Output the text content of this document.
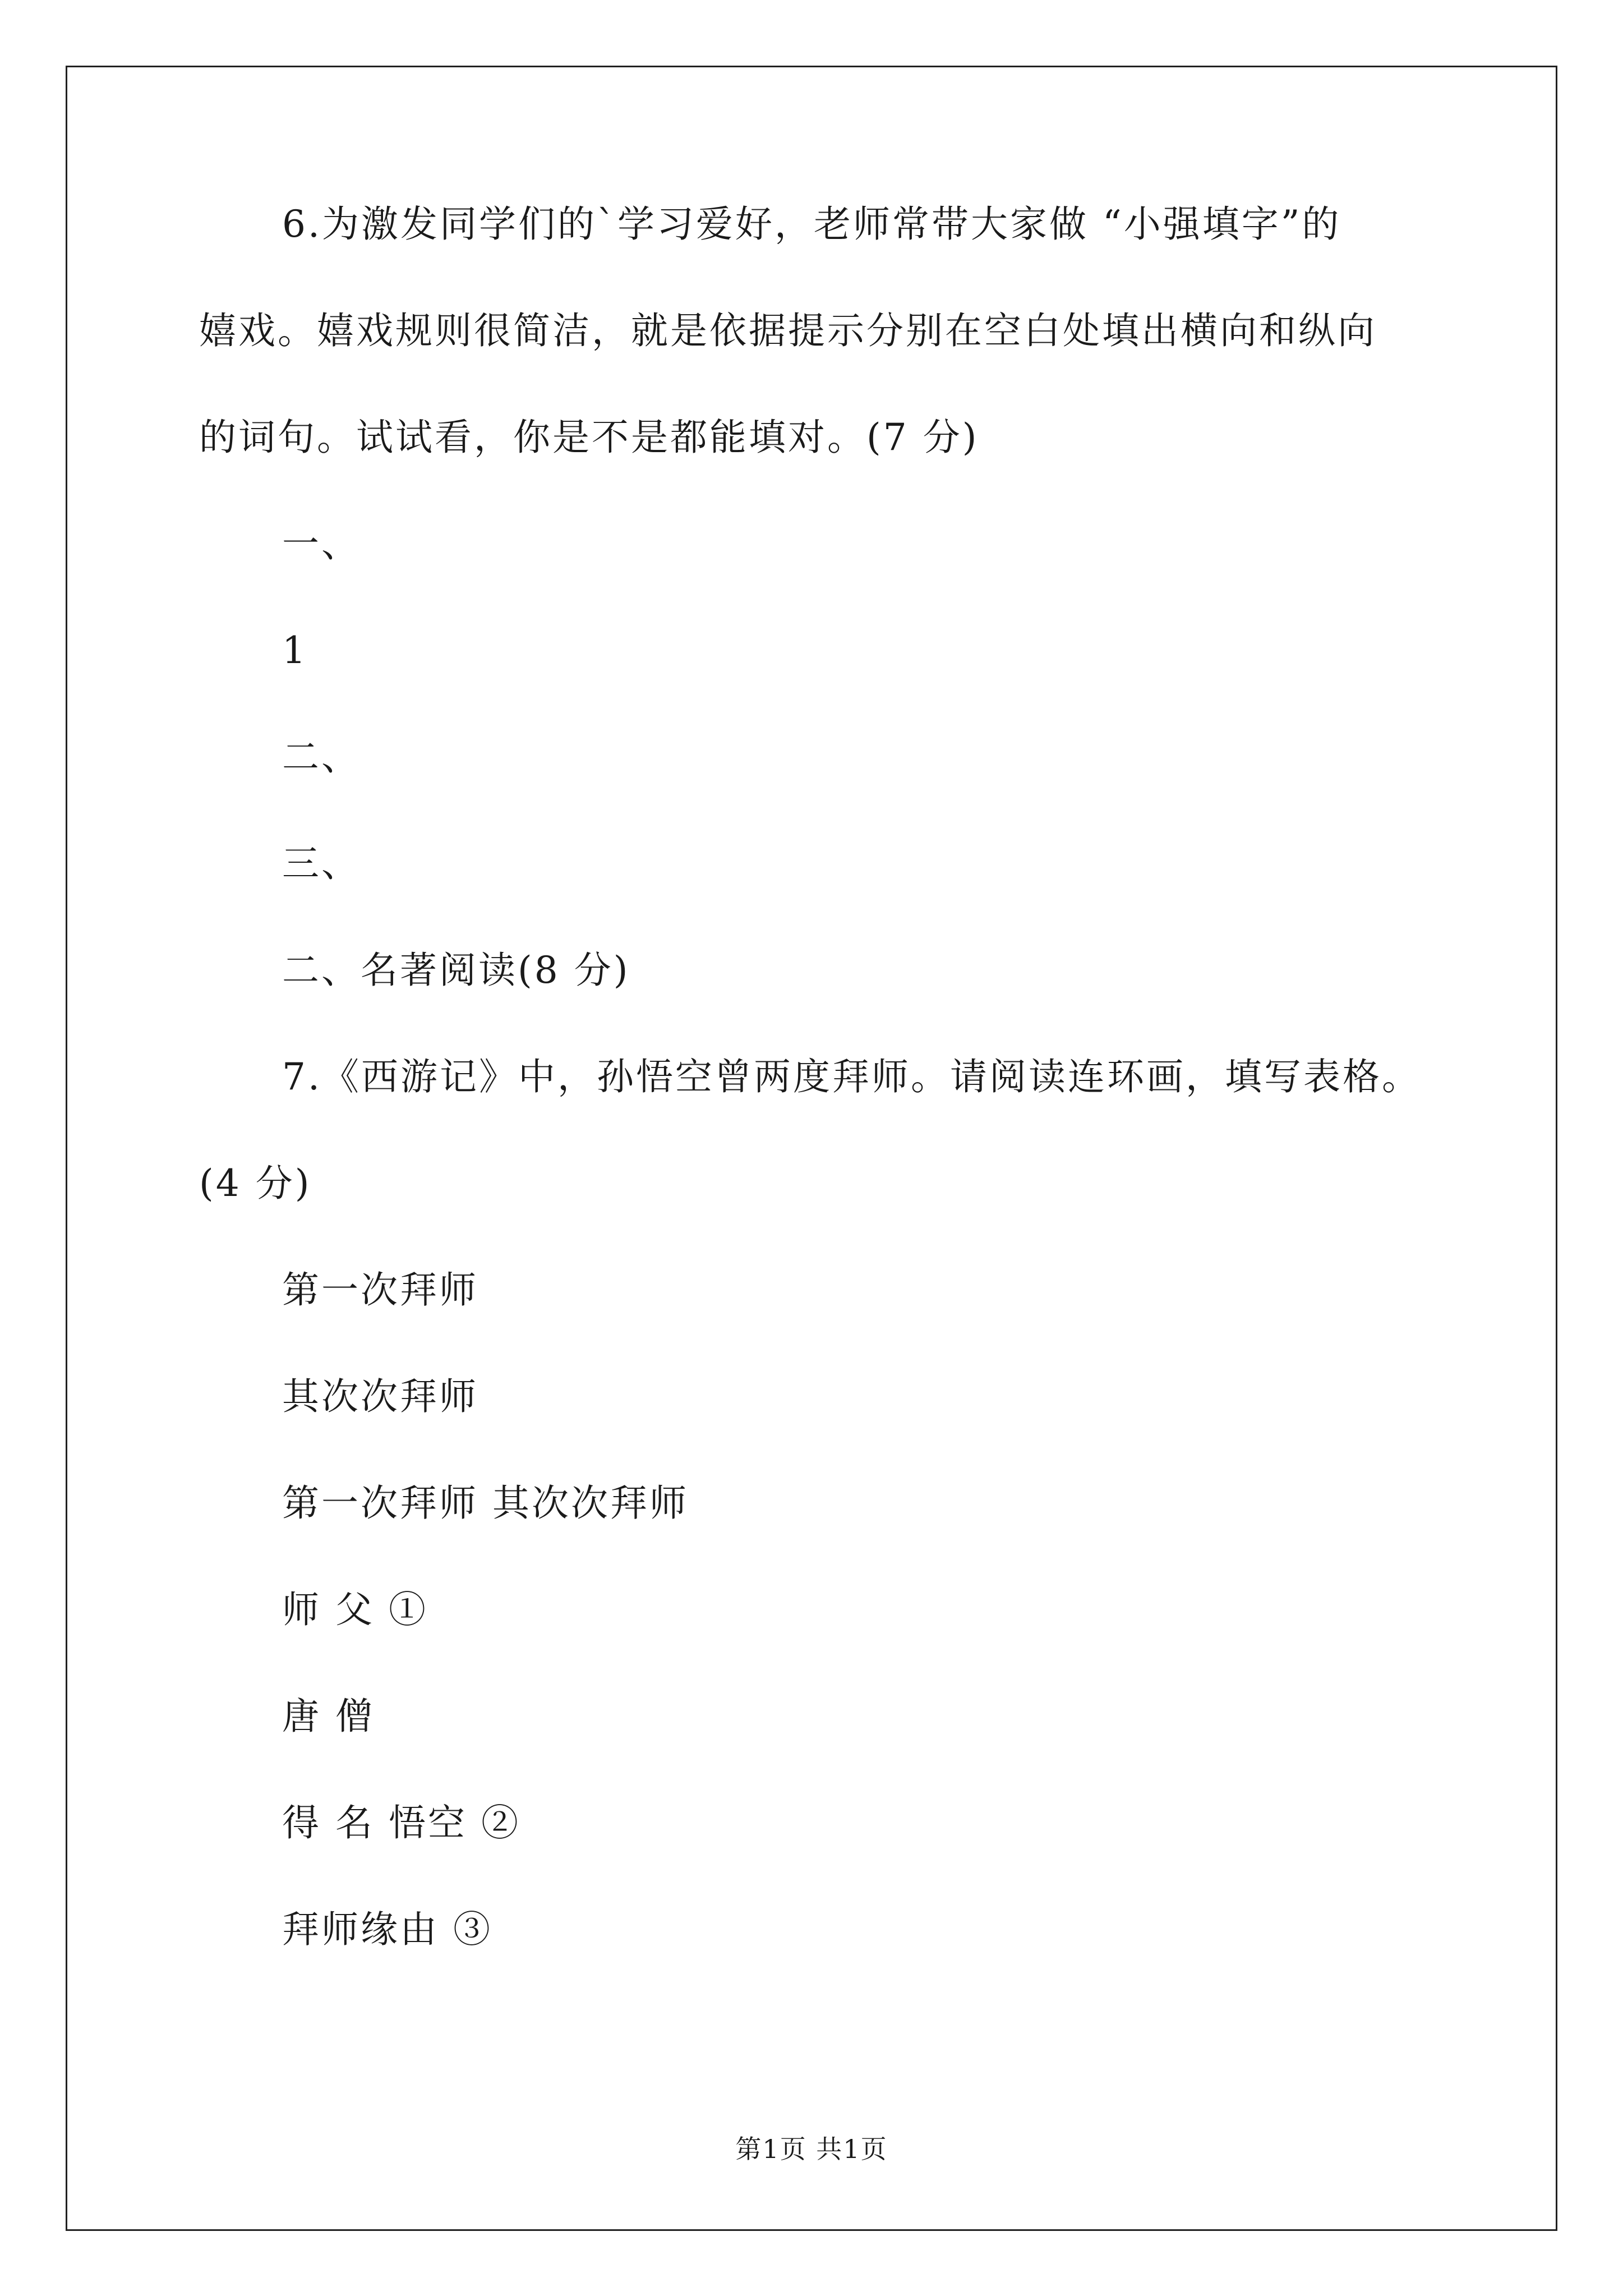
6.为激发同学们的`学习爱好，老师常带大家做 “小强填字”的
嬉戏。嬉戏规则很简洁，就是依据提示分别在空白处填出横向和纵向
的词句。试试看，你是不是都能填对。(7 分)
一、
1
二、
三、
二、名著阅读(8 分)
7.《西游记》中，孙悟空曾两度拜师。请阅读连环画，填写表格。
(4 分)
第一次拜师
其次次拜师
第一次拜师 其次次拜师
师 父 ①
唐 僧
得 名 悟空 ②
拜师缘由 ③
第1页 共1页
